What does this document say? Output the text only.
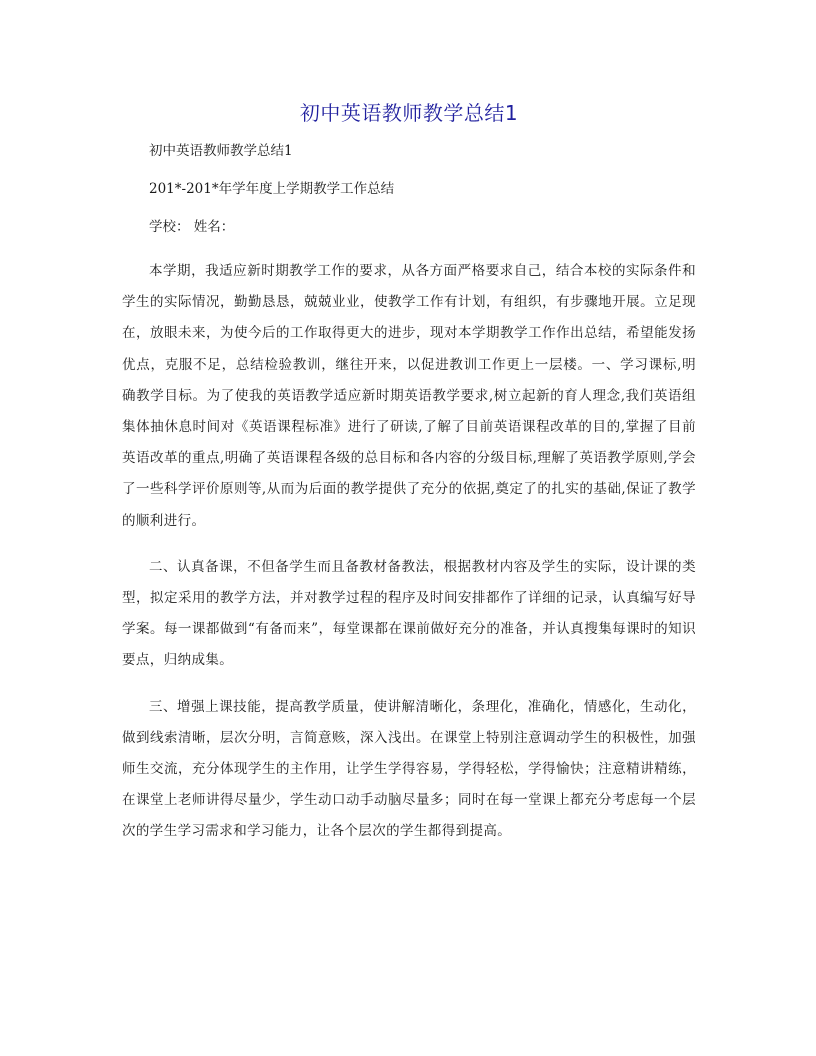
初中英语教师教学总结1

初中英语教师教学总结1

201*-201*年学年度上学期教学工作总结

学校： 姓名：

本学期，我适应新时期教学工作的要求，从各方面严格要求自己，结合本校的实际条件和学生的实际情况，勤勤恳恳，兢兢业业，使教学工作有计划，有组织，有步骤地开展。立足现在，放眼未来，为使今后的工作取得更大的进步，现对本学期教学工作作出总结，希望能发扬优点，克服不足，总结检验教训，继往开来，以促进教训工作更上一层楼。一、学习课标,明确教学目标。为了使我的英语教学适应新时期英语教学要求,树立起新的育人理念,我们英语组集体抽休息时间对《英语课程标准》进行了研读,了解了目前英语课程改革的目的,掌握了目前英语改革的重点,明确了英语课程各级的总目标和各内容的分级目标,理解了英语教学原则,学会了一些科学评价原则等,从而为后面的教学提供了充分的依据,奠定了的扎实的基础,保证了教学的顺利进行。

二、认真备课，不但备学生而且备教材备教法，根据教材内容及学生的实际，设计课的类型，拟定采用的教学方法，并对教学过程的程序及时间安排都作了详细的记录，认真编写好导学案。每一课都做到“有备而来”，每堂课都在课前做好充分的准备，并认真搜集每课时的知识要点，归纳成集。

三、增强上课技能，提高教学质量，使讲解清晰化，条理化，准确化，情感化，生动化，做到线索清晰，层次分明，言简意赅，深入浅出。在课堂上特别注意调动学生的积极性，加强师生交流，充分体现学生的主作用，让学生学得容易，学得轻松，学得愉快；注意精讲精练，在课堂上老师讲得尽量少，学生动口动手动脑尽量多；同时在每一堂课上都充分考虑每一个层次的学生学习需求和学习能力，让各个层次的学生都得到提高。
